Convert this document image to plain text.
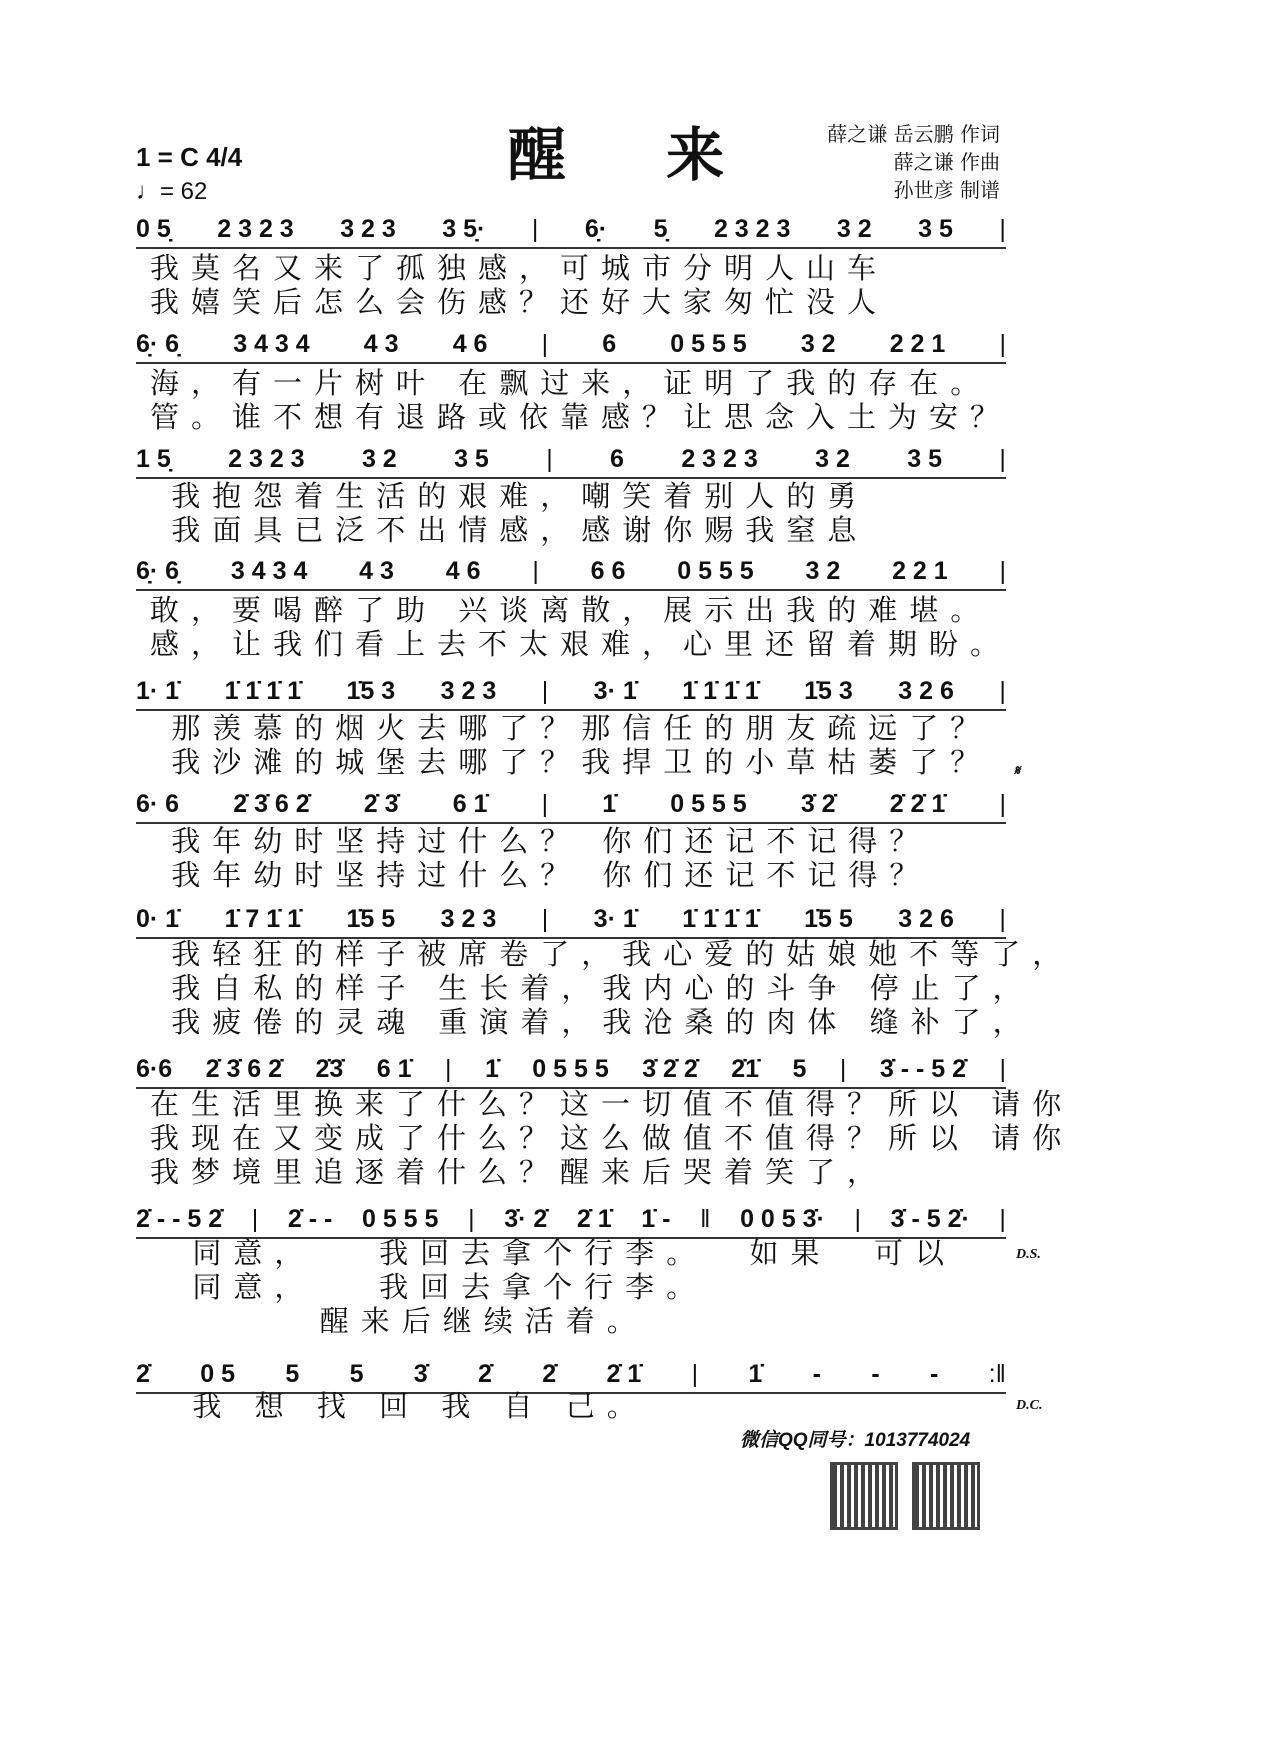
醒 来
1 = C 4/4
♩= 62
薛之谦 岳云鹏 作词
薛之谦 作曲
孙世彦 制谱
0 5̣ 2 3 2 3 3 2 3 3 5̣· | 6̣· 5̣ 2 3 2 3 3 2 3 5 |
我莫名又来了孤独感，可城市分明人山车
我嬉笑后怎么会伤感？还好大家匆忙没人
6̣· 6̣ 3 4 3 4 4 3 4 6 | 6 0 5 5 5 3 2 2 2 1 |
海，有一片树叶 在飘过来，证明了我的存在。
管。谁不想有退路或依靠感？让思念入土为安？
1 5̣ 2 3 2 3 3 2 3 5 | 6 2 3 2 3 3 2 3 5 |
我抱怨着生活的艰难，嘲笑着别人的勇
我面具已泛不出情感，感谢你赐我窒息
6̣· 6̣ 3 4 3 4 4 3 4 6 | 6 6 0 5 5 5 3 2 2 2 1 |
敢，要喝醉了助 兴谈离散，展示出我的难堪。
感，让我们看上去不太艰难，心里还留着期盼。
1· 1̇ 1̇ 1̇ 1̇ 1̇ 1̇5 3 3 2 3 | 3· 1̇ 1̇ 1̇ 1̇ 1̇ 1̇5 3 3 2 6 |
那羡慕的烟火去哪了？那信任的朋友疏远了？
我沙滩的城堡去哪了？我捍卫的小草枯萎了？
6· 6 2̇ 3̇ 6 2̇ 2̇ 3̇ 6 1̇ | 1̇ 0 5 5 5 3̇ 2̇ 2̇ 2̇ 1̇ |
我年幼时坚持过什么？ 你们还记不记得？
我年幼时坚持过什么？ 你们还记不记得？
𝄋
0· 1̇ 1̇ 7 1̇ 1̇ 1̇5 5 3 2 3 | 3· 1̇ 1̇ 1̇ 1̇ 1̇ 1̇5 5 3 2 6 |
我轻狂的样子被席卷了，我心爱的姑娘她不等了，
我自私的样子 生长着，我内心的斗争 停止了，
我疲倦的灵魂 重演着，我沧桑的肉体 缝补了，
6·6 2̇ 3̇ 6 2̇ 2̇3̇ 6 1̇ | 1̇ 0 5 5 5 3̇ 2̇ 2̇ 2̇1̇ 5 | 3̇ - - 5 2̇ |
在生活里换来了什么？这一切值不值得？所以 请你
我现在又变成了什么？这么做值不值得？所以 请你
我梦境里追逐着什么？醒来后哭着笑了，
2̇ - - 5 2̇ | 2̇ - - 0 5 5 5 | 3̇· 2̇ 2̇ 1̇ 1̇ - ‖ 0 0 5 3̇· | 3̇ - 5 2̇· |
同意，   我回去拿个行李。  如果  可以
同意，   我回去拿个行李。
醒来后继续活着。
D.S.
2̇ 0 5 5 5 3̇ 2̇ 2̇ 2̇ 1̇ | 1̇ - - - :‖
我 想 找 回 我 自 己。	D.C.
微信QQ同号：1013774024
